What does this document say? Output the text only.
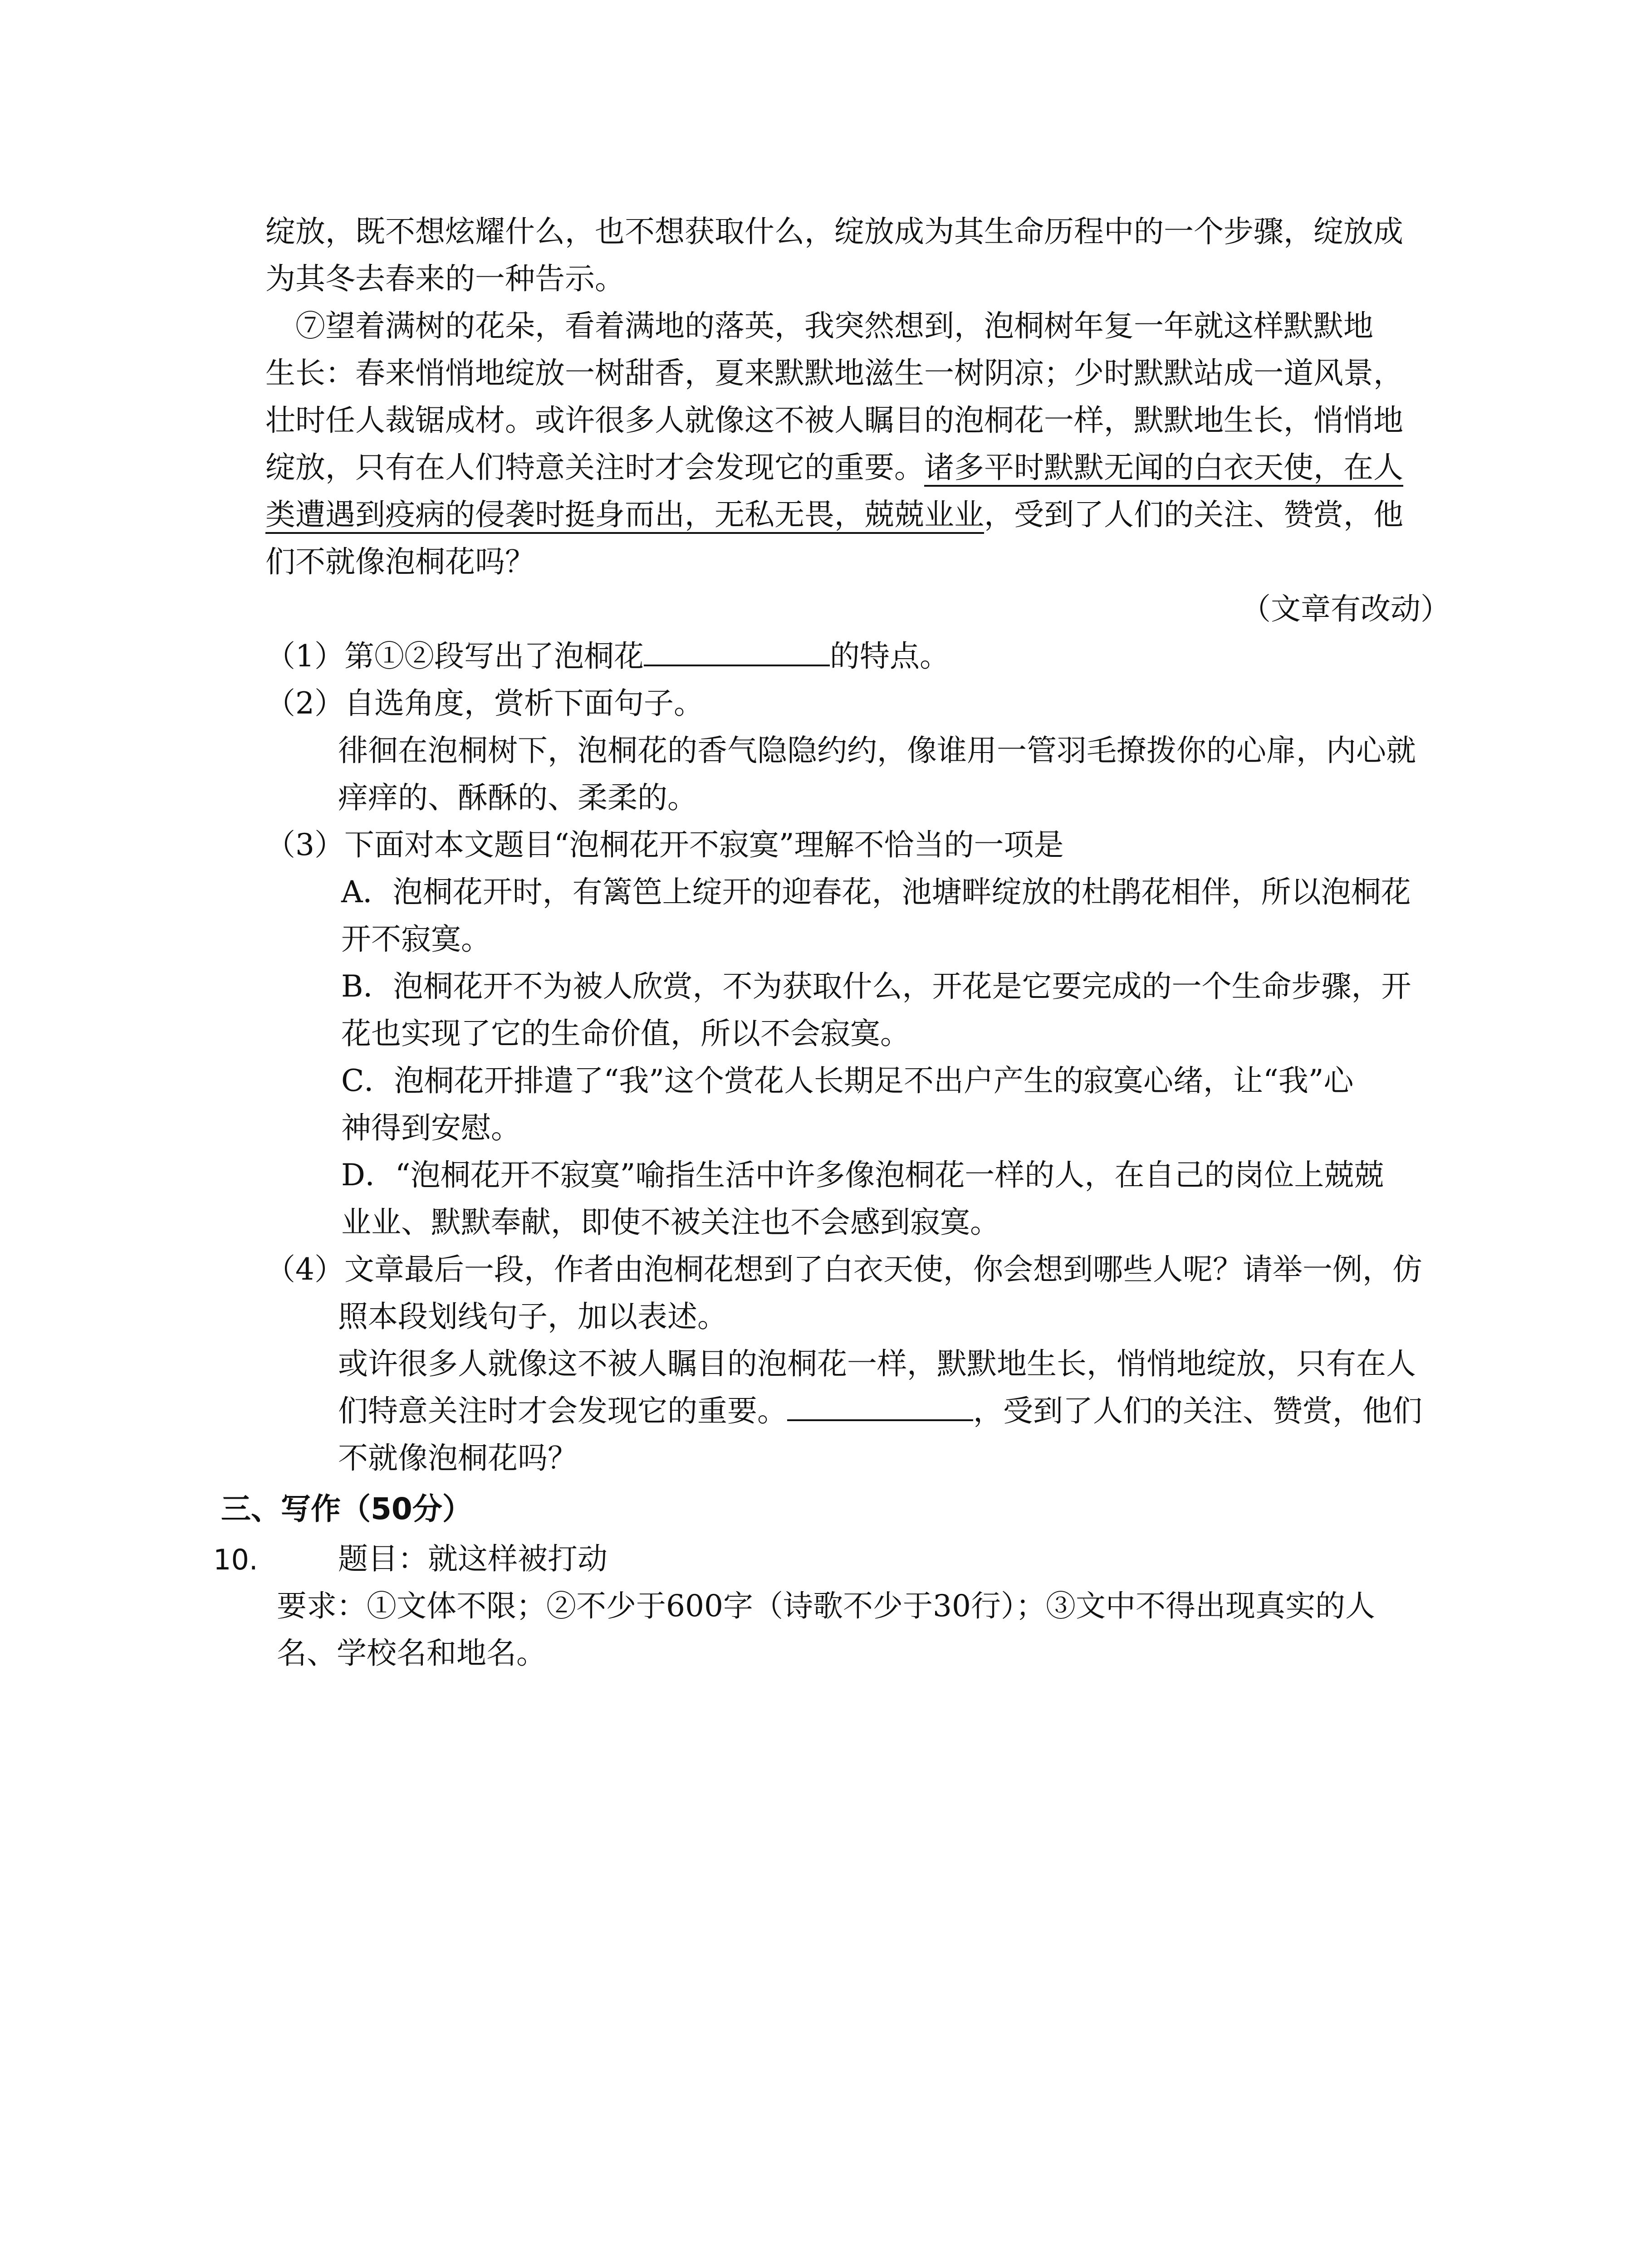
绽放，既不想炫耀什么，也不想获取什么，绽放成为其生命历程中的一个步骤，绽放成
为其冬去春来的一种告示。
⑦望着满树的花朵，看着满地的落英，我突然想到，泡桐树年复一年就这样默默地
生长：春来悄悄地绽放一树甜香，夏来默默地滋生一树阴凉；少时默默站成一道风景，
壮时任人裁锯成材。或许很多人就像这不被人瞩目的泡桐花一样，默默地生长，悄悄地
绽放，只有在人们特意关注时才会发现它的重要。诸多平时默默无闻的白衣天使，在人
类遭遇到疫病的侵袭时挺身而出，无私无畏，兢兢业业，受到了人们的关注、赞赏，他
们不就像泡桐花吗？
（文章有改动）
（1）第①②段写出了泡桐花	的特点。
（2）自选角度，赏析下面句子。
徘徊在泡桐树下，泡桐花的香气隐隐约约，像谁用一管羽毛撩拨你的心扉，内心就
痒痒的、酥酥的、柔柔的。
（3）下面对本文题目“泡桐花开不寂寞”理解不恰当的一项是
A．泡桐花开时，有篱笆上绽开的迎春花，池塘畔绽放的杜鹃花相伴，所以泡桐花
开不寂寞。
B．泡桐花开不为被人欣赏，不为获取什么，开花是它要完成的一个生命步骤，开
花也实现了它的生命价值，所以不会寂寞。
C．泡桐花开排遣了“我”这个赏花人长期足不出户产生的寂寞心绪，让“我”心
神得到安慰。
D．“泡桐花开不寂寞”喻指生活中许多像泡桐花一样的人，在自己的岗位上兢兢
业业、默默奉献，即使不被关注也不会感到寂寞。
（4）文章最后一段，作者由泡桐花想到了白衣天使，你会想到哪些人呢？请举一例，仿
照本段划线句子，加以表述。
或许很多人就像这不被人瞩目的泡桐花一样，默默地生长，悄悄地绽放，只有在人
们特意关注时才会发现它的重要。	，受到了人们的关注、赞赏，他们
不就像泡桐花吗？
三、写作（50分）
10.	题目：就这样被打动
要求：①文体不限；②不少于600字（诗歌不少于30行）；③文中不得出现真实的人
名、学校名和地名。
